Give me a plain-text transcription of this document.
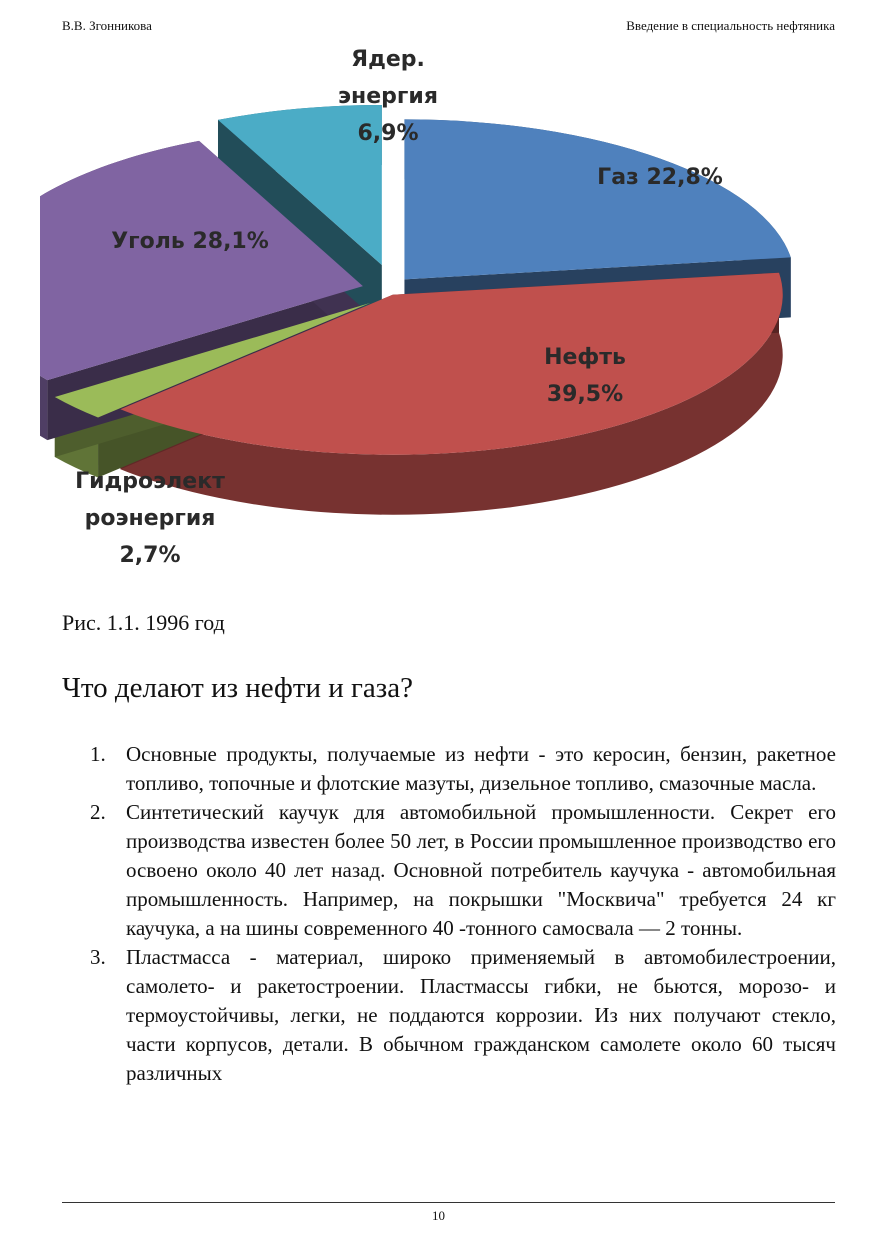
В.В. Згонникова	Введение в специальность нефтяника
Газ 22,8%
Нефть 39,5%
Гидроэлект роэнергия 2,7%
Уголь 28,1%
Ядер. энергия 6,9%
Рис. 1.1. 1996 год
Что делают из нефти и газа?
1. Основные продукты, получаемые из нефти - это керосин, бензин, ракетное топливо, топочные и флотские мазуты, дизельное топливо, смазочные масла.
2. Синтетический каучук для автомобильной промышленности. Секрет его производства известен более 50 лет, в России промышленное производство его освоено около 40 лет назад. Основной потребитель каучука - автомобильная промышленность. Например, на покрышки "Москвича" требуется 24 кг каучука, а на шины современного 40 -тонного самосвала — 2 тонны.
3. Пластмасса - материал, широко применяемый в автомобилестроении, самолето- и ракетостроении. Пластмассы гибки, не бьются, морозо- и термоустойчивы, легки, не поддаются коррозии. Из них получают стекло, части корпусов, детали. В обычном гражданском самолете около 60 тысяч различных
10
